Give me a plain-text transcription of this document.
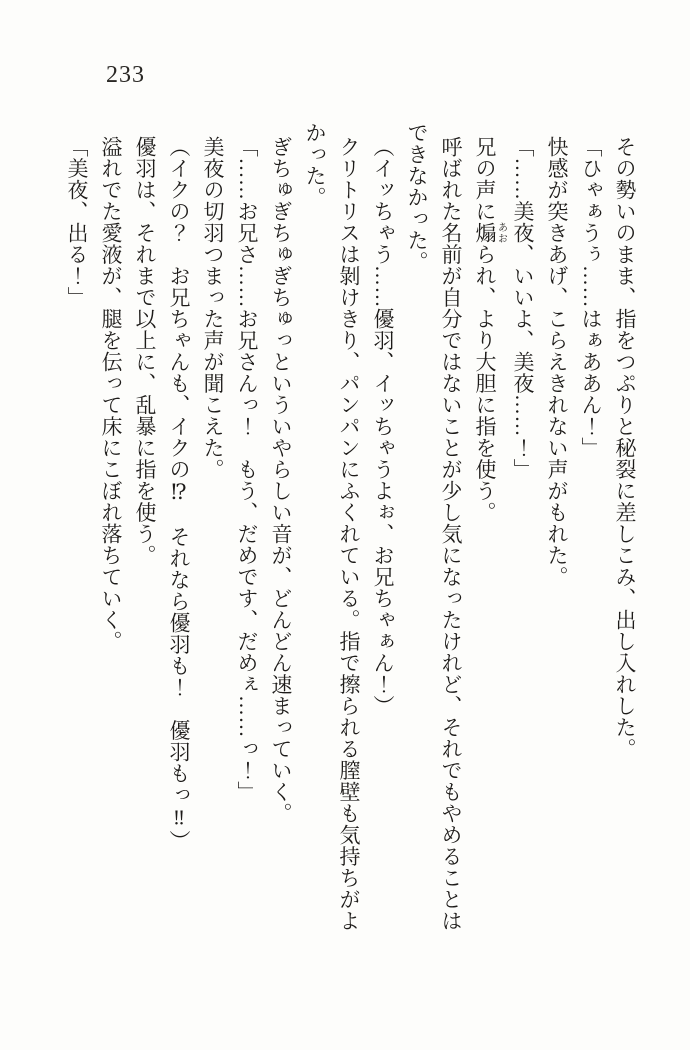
233

その勢いのまま、指をつぷりと秘裂に差しこみ、出し入れした。

「ひゃぁうぅ……はぁああん！」

快感が突きあげ、こらえきれない声がもれた。

「……美夜、いいよ、美夜……！」

兄の声に煽あおられ、より大胆に指を使う。

呼ばれた名前が自分ではないことが少し気になったけれど、それでもやめることはできなかった。

（イッちゃう……優羽、イッちゃうよぉ、お兄ちゃぁん！）

クリトリスは剝けきり、パンパンにふくれている。指で擦られる膣壁も気持ちがよかった。

ぎちゅぎちゅぎちゅっといういやらしい音が、どんどん速まっていく。

「……お兄さ……お兄さんっ！　もう、だめです、だめぇ……っ！」

美夜の切羽つまった声が聞こえた。

（イクの？　お兄ちゃんも、イクの⁉　それなら優羽も！　優羽もっ‼）

優羽は、それまで以上に、乱暴に指を使う。

溢れでた愛液が、腿を伝って床にこぼれ落ちていく。

「美夜、出る！」
